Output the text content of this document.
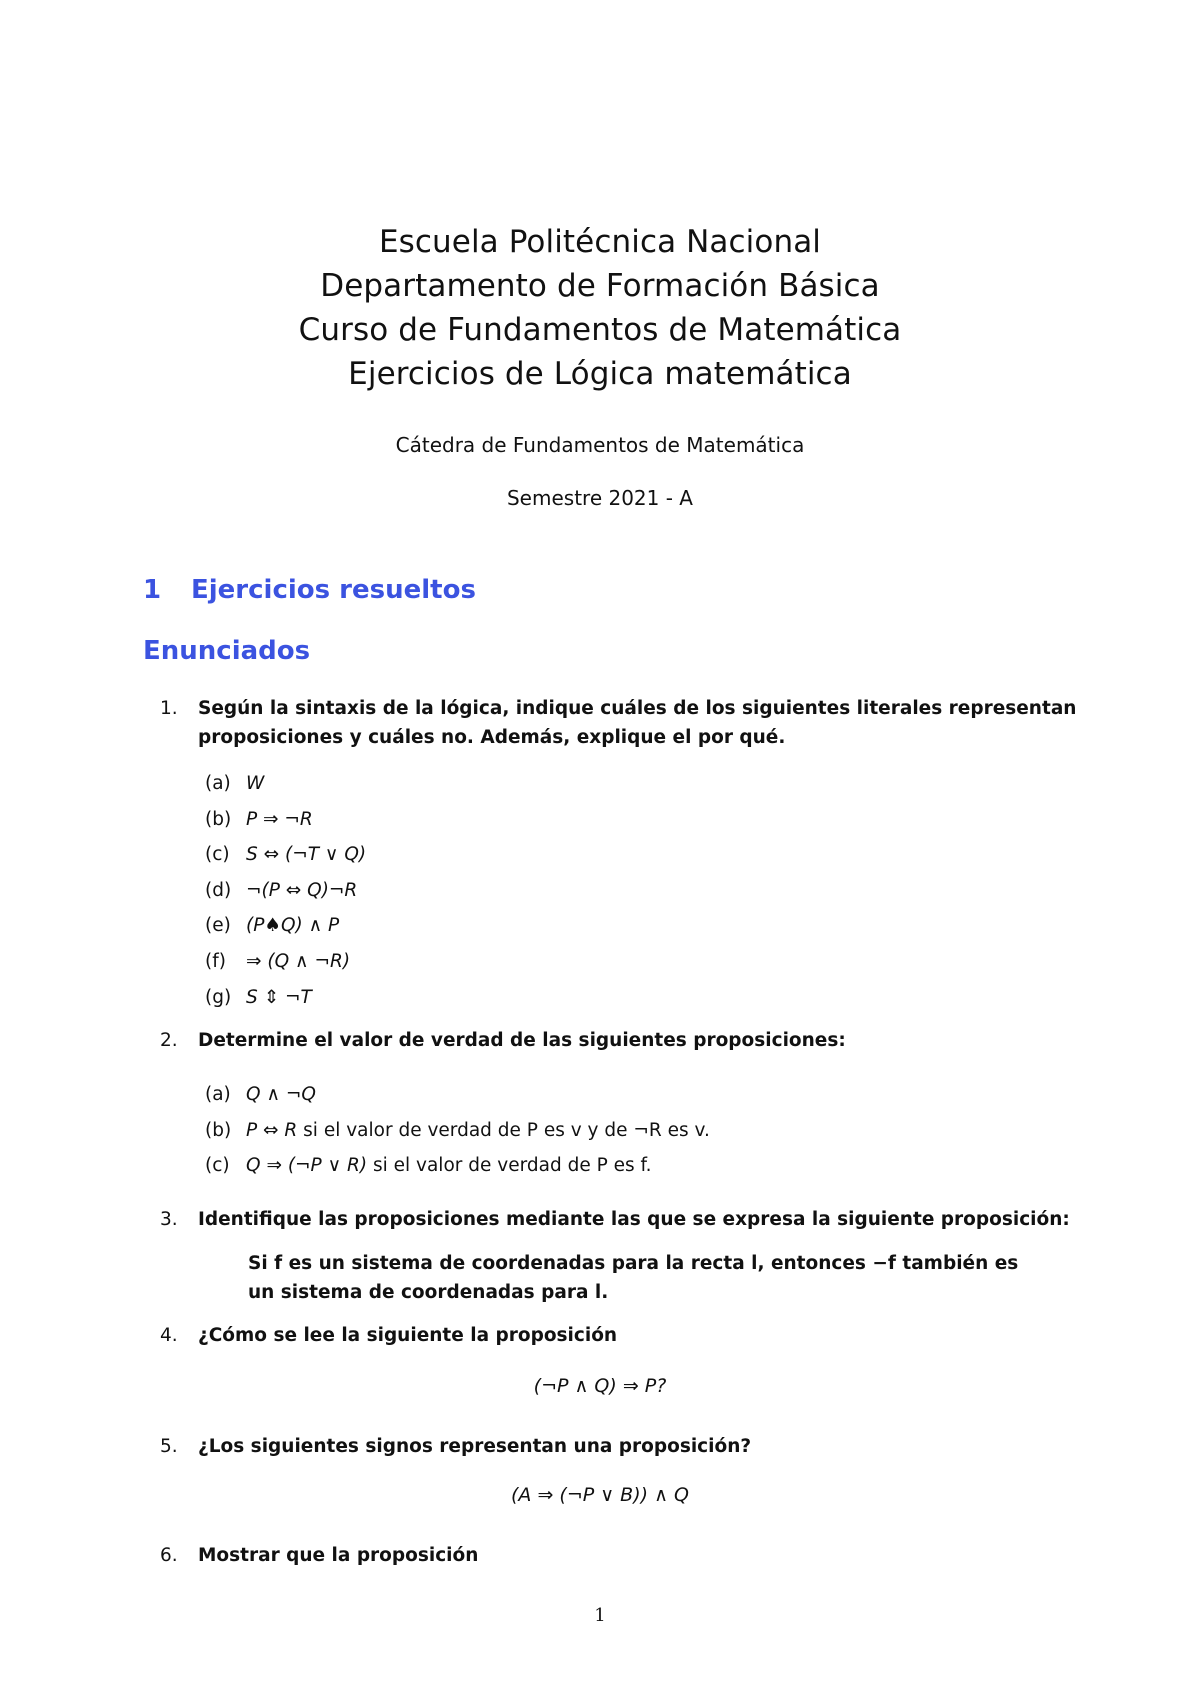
Escuela Politécnica Nacional
Departamento de Formación Básica
Curso de Fundamentos de Matemática
Ejercicios de Lógica matemática
Cátedra de Fundamentos de Matemática
Semestre 2021 - A
1 Ejercicios resueltos
Enunciados
1. Según la sintaxis de la lógica, indique cuáles de los siguientes literales representan
proposiciones y cuáles no. Además, explique el por qué.
(a) W
(b) P ⇒ ¬R
(c) S ⇔ (¬T ∨ Q)
(d) ¬(P ⇔ Q)¬R
(e) (P♠Q) ∧ P
(f) ⇒ (Q ∧ ¬R)
(g) S ⇕ ¬T
2. Determine el valor de verdad de las siguientes proposiciones:
(a) Q ∧ ¬Q
(b) P ⇔ R si el valor de verdad de P es v y de ¬R es v.
(c) Q ⇒ (¬P ∨ R) si el valor de verdad de P es f.
3. Identifique las proposiciones mediante las que se expresa la siguiente proposición:
Si f es un sistema de coordenadas para la recta l, entonces −f también es
un sistema de coordenadas para l.
4. ¿Cómo se lee la siguiente la proposición
(¬P ∧ Q) ⇒ P?
5. ¿Los siguientes signos representan una proposición?
(A ⇒ (¬P ∨ B)) ∧ Q
6. Mostrar que la proposición
1
